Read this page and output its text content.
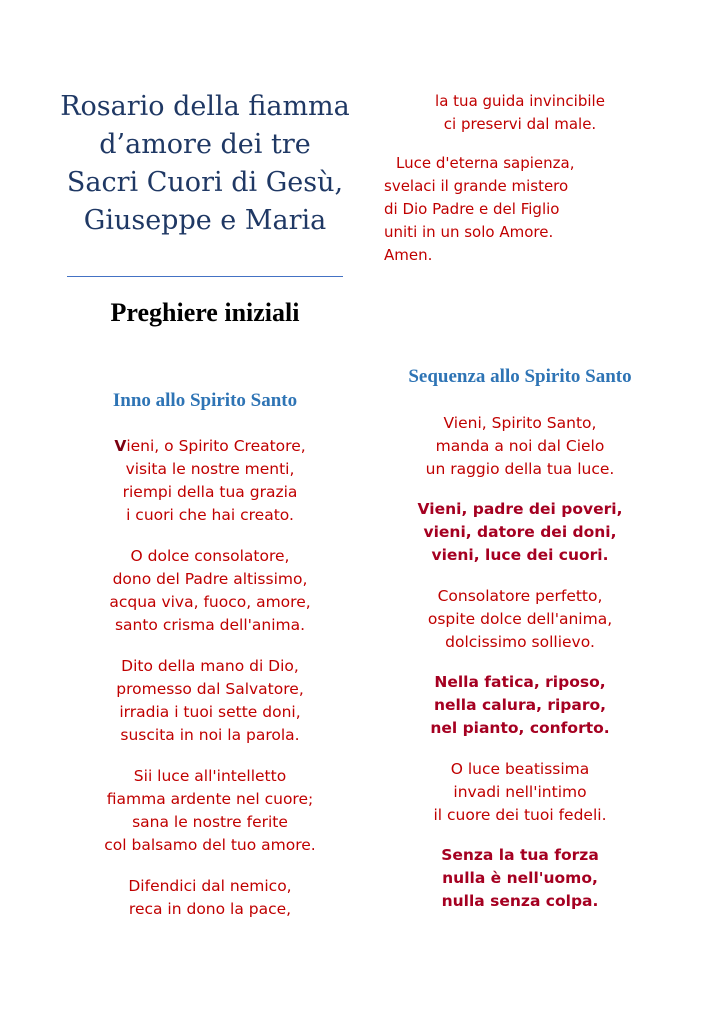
Rosario della fiamma d’amore dei tre Sacri Cuori di Gesù, Giuseppe e Maria
Preghiere iniziali
Inno allo Spirito Santo
Vieni, o Spirito Creatore,
visita le nostre menti,
riempi della tua grazia
i cuori che hai creato.
O dolce consolatore,
dono del Padre altissimo,
acqua viva, fuoco, amore,
santo crisma dell'anima.
Dito della mano di Dio,
promesso dal Salvatore,
irradia i tuoi sette doni,
suscita in noi la parola.
Sii luce all'intelletto
fiamma ardente nel cuore;
sana le nostre ferite
col balsamo del tuo amore.
Difendici dal nemico,
reca in dono la pace,
la tua guida invincibile
ci preservi dal male.
Luce d'eterna sapienza,
svelaci il grande mistero
di Dio Padre e del Figlio
uniti in un solo Amore.
Amen.
Sequenza allo Spirito Santo
Vieni, Spirito Santo,
manda a noi dal Cielo
un raggio della tua luce.
Vieni, padre dei poveri,
vieni, datore dei doni,
vieni, luce dei cuori.
Consolatore perfetto,
ospite dolce dell'anima,
dolcissimo sollievo.
Nella fatica, riposo,
nella calura, riparo,
nel pianto, conforto.
O luce beatissima
invadi nell'intimo
il cuore dei tuoi fedeli.
Senza la tua forza
nulla è nell'uomo,
nulla senza colpa.
